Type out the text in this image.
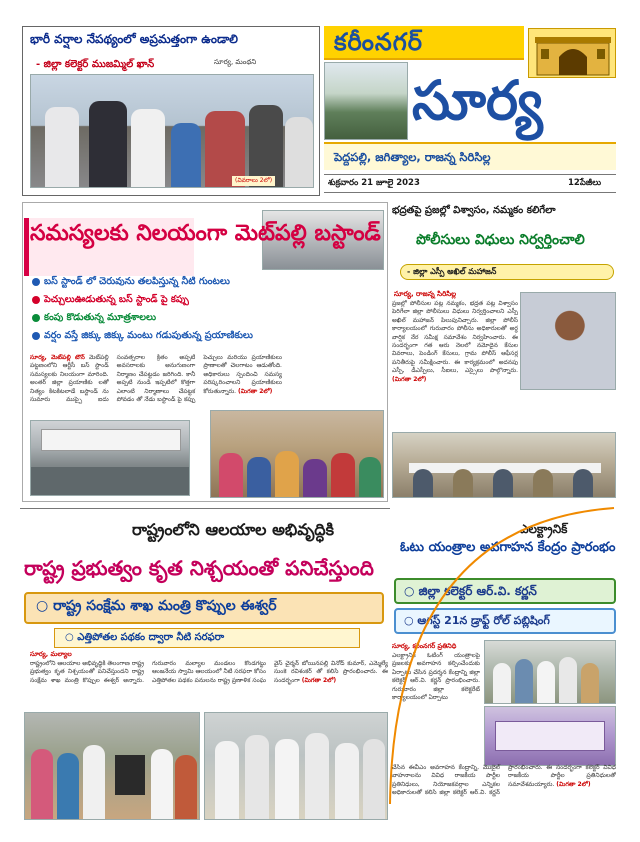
భారీ వర్షాల నేపథ్యంలో అప్రమత్తంగా ఉండాలి
- జిల్లా కలెక్టర్ ముజమ్మిల్ ఖాన్	సూర్య, మంథని
(వివరాలు 2లో)
కరీంనగర్
సూర్య
పెద్దపల్లి, జగిత్యాల, రాజన్న సిరిసిల్ల
శుక్రవారం 21 జూలై 2023	12పేజీలు
సమస్యలకు నిలయంగా మెట్‌పల్లి బస్టాండ్
బస్ స్టాండ్ లో చెరువును తలపిస్తున్న నీటి గుంటలు
పెచ్చులుఊడుతున్న బస్ స్టాండ్ పై కప్పు
కంపు కొడుతున్న మూత్రశాలలు
వర్షం వస్తే జిక్కు జిక్కు మంటు గడుపుతున్న ప్రయాణికులు
సూర్య, మెట్‌పల్లి టౌన్ మెట్‌పల్లి పట్టణంలోని ఆర్టీసీ బస్ స్టాండ్ సమస్యలకు నిలయంగా మారింది. అంతర్ జిల్లా ప్రయాణికు లతో నిత్యం కిటకిటలాడే బస్టాండ్ ను సుమారు ముప్పై ఐదు సంవత్సరాల క్రితం అప్పటి అవసరాలకు అనుగుణంగా నిర్మాణం చేపట్టడం జరిగింది. కానీ అప్పటి నుండి ఇప్పటిలో కొత్తగా ఎలాంటి నిర్మాణాలు చేపట్టక పోవడం తో నేడు బస్టాండ్ పై కప్పు పెచ్చులు మరియు ప్రయాణికులు ప్రాణాలతో చెలగాటం ఆడుతోంది. అధికారులు స్పందించి సమస్య పరిష్కరించాలని ప్రయాణికులు కోరుతున్నారు. (మిగతా 2లో)
భద్రతపై ప్రజల్లో విశ్వాసం, నమ్మకం కలిగేలా
పోలీసులు విధులు నిర్వర్తించాలి
- జిల్లా ఎస్పీ అఖిల్ మహాజన్
సూర్య, రాజన్న సిరిసిల్ల
ప్రజల్లో పోలీసుల పట్ల నమ్మకం, భద్రత పట్ల విశ్వాసం పెరిగేలా జిల్లా పోలీసులు విధులు నిర్వర్తించాలని ఎస్పీ అఖిల్ మహాజన్ పిలుపునిచ్చారు. జిల్లా పోలీస్ కార్యాలయంలో గురువారం పోలీసు అధికారులతో అర్ధ వార్షిక నేర సమీక్ష సమావేశం నిర్వహించారు. ఈ సందర్భంగా గత ఆరు నెలలో నమోదైన కేసుల వివరాలు, పెండింగ్ కేసులు, గ్రామ పోలీస్ ఆఫీసర్ల పనితీరుపై సమీక్షించారు. ఈ కార్యక్రమంలో అదనపు ఎస్పీ, డీఎస్పీలు, సీఐలు, ఎస్సైలు పాల్గొన్నారు. (మిగతా 2లో)
రాష్ట్రంలోని ఆలయాల అభివృద్ధికి
రాష్ట్ర ప్రభుత్వం కృత నిశ్చయంతో పనిచేస్తుంది
○ రాష్ట్ర సంక్షేమ శాఖ మంత్రి కొప్పుల ఈశ్వర్
○ ఎత్తిపోతల పథకం ద్వారా నీటి సరఫరా
సూర్య, మల్యాల
రాష్ట్రంలోని ఆలయాల అభివృద్ధికి తెలంగాణ రాష్ట్ర ప్రభుత్వం కృత నిశ్చయంతో పనిచేస్తుందని రాష్ట్ర సంక్షేమ శాఖ మంత్రి కొప్పుల ఈశ్వర్ అన్నారు. గురువారం మల్యాల మండలం కొండగట్టు ఆంజనేయ స్వామి ఆలయంలో నీటి సరఫరా కోసం ఎత్తిపోతల పథకం పనులను రాష్ట్ర ప్రణాళిక సంఘ వైస్ చైర్మన్ బోయినపల్లి వినోద్ కుమార్, ఎమ్మెల్యే సుంకె రవిశంకర్ తో కలిసి ప్రారంభించారు. ఈ సందర్భంగా (మిగతా 2లో)
ఎలక్ట్రానిక్
ఓటు యంత్రాల అవగాహన కేంద్రం ప్రారంభం
○ జిల్లా కలెక్టర్ ఆర్.వి. కర్ణన్
○ ఆగస్ట్ 21న డ్రాఫ్ట్ రోల్ పబ్లిషింగ్
సూర్య, కరీంనగర్ ప్రతినిధి
ఎలక్ట్రానిక్ ఓటింగ్ యంత్రాలపై ప్రజలకు అవగాహన కల్పించేందుకు ఏర్పాటు చేసిన ప్రదర్శన కేంద్రాన్ని జిల్లా కలెక్టర్ ఆర్.వి. కర్ణన్ ప్రారంభించారు. గురువారం జిల్లా కలెక్టరేట్ కార్యాలయంలో ఏర్పాటు
చేసిన ఈవీఎం అవగాహన కేంద్రాన్ని, మొబైల్ వాహనాలను వివిధ రాజకీయ పార్టీల ప్రతినిధులు, నియోజకవర్గాల ఎన్నికల అధికారులతో కలిసి జిల్లా కలెక్టర్ ఆర్.వి. కర్ణన్ ప్రారంభించారు. ఈ సందర్భంగా కలెక్టర్ వివిధ రాజకీయ పార్టీల ప్రతినిధులతో సమావేశమయ్యారు. (మిగతా 2లో)
